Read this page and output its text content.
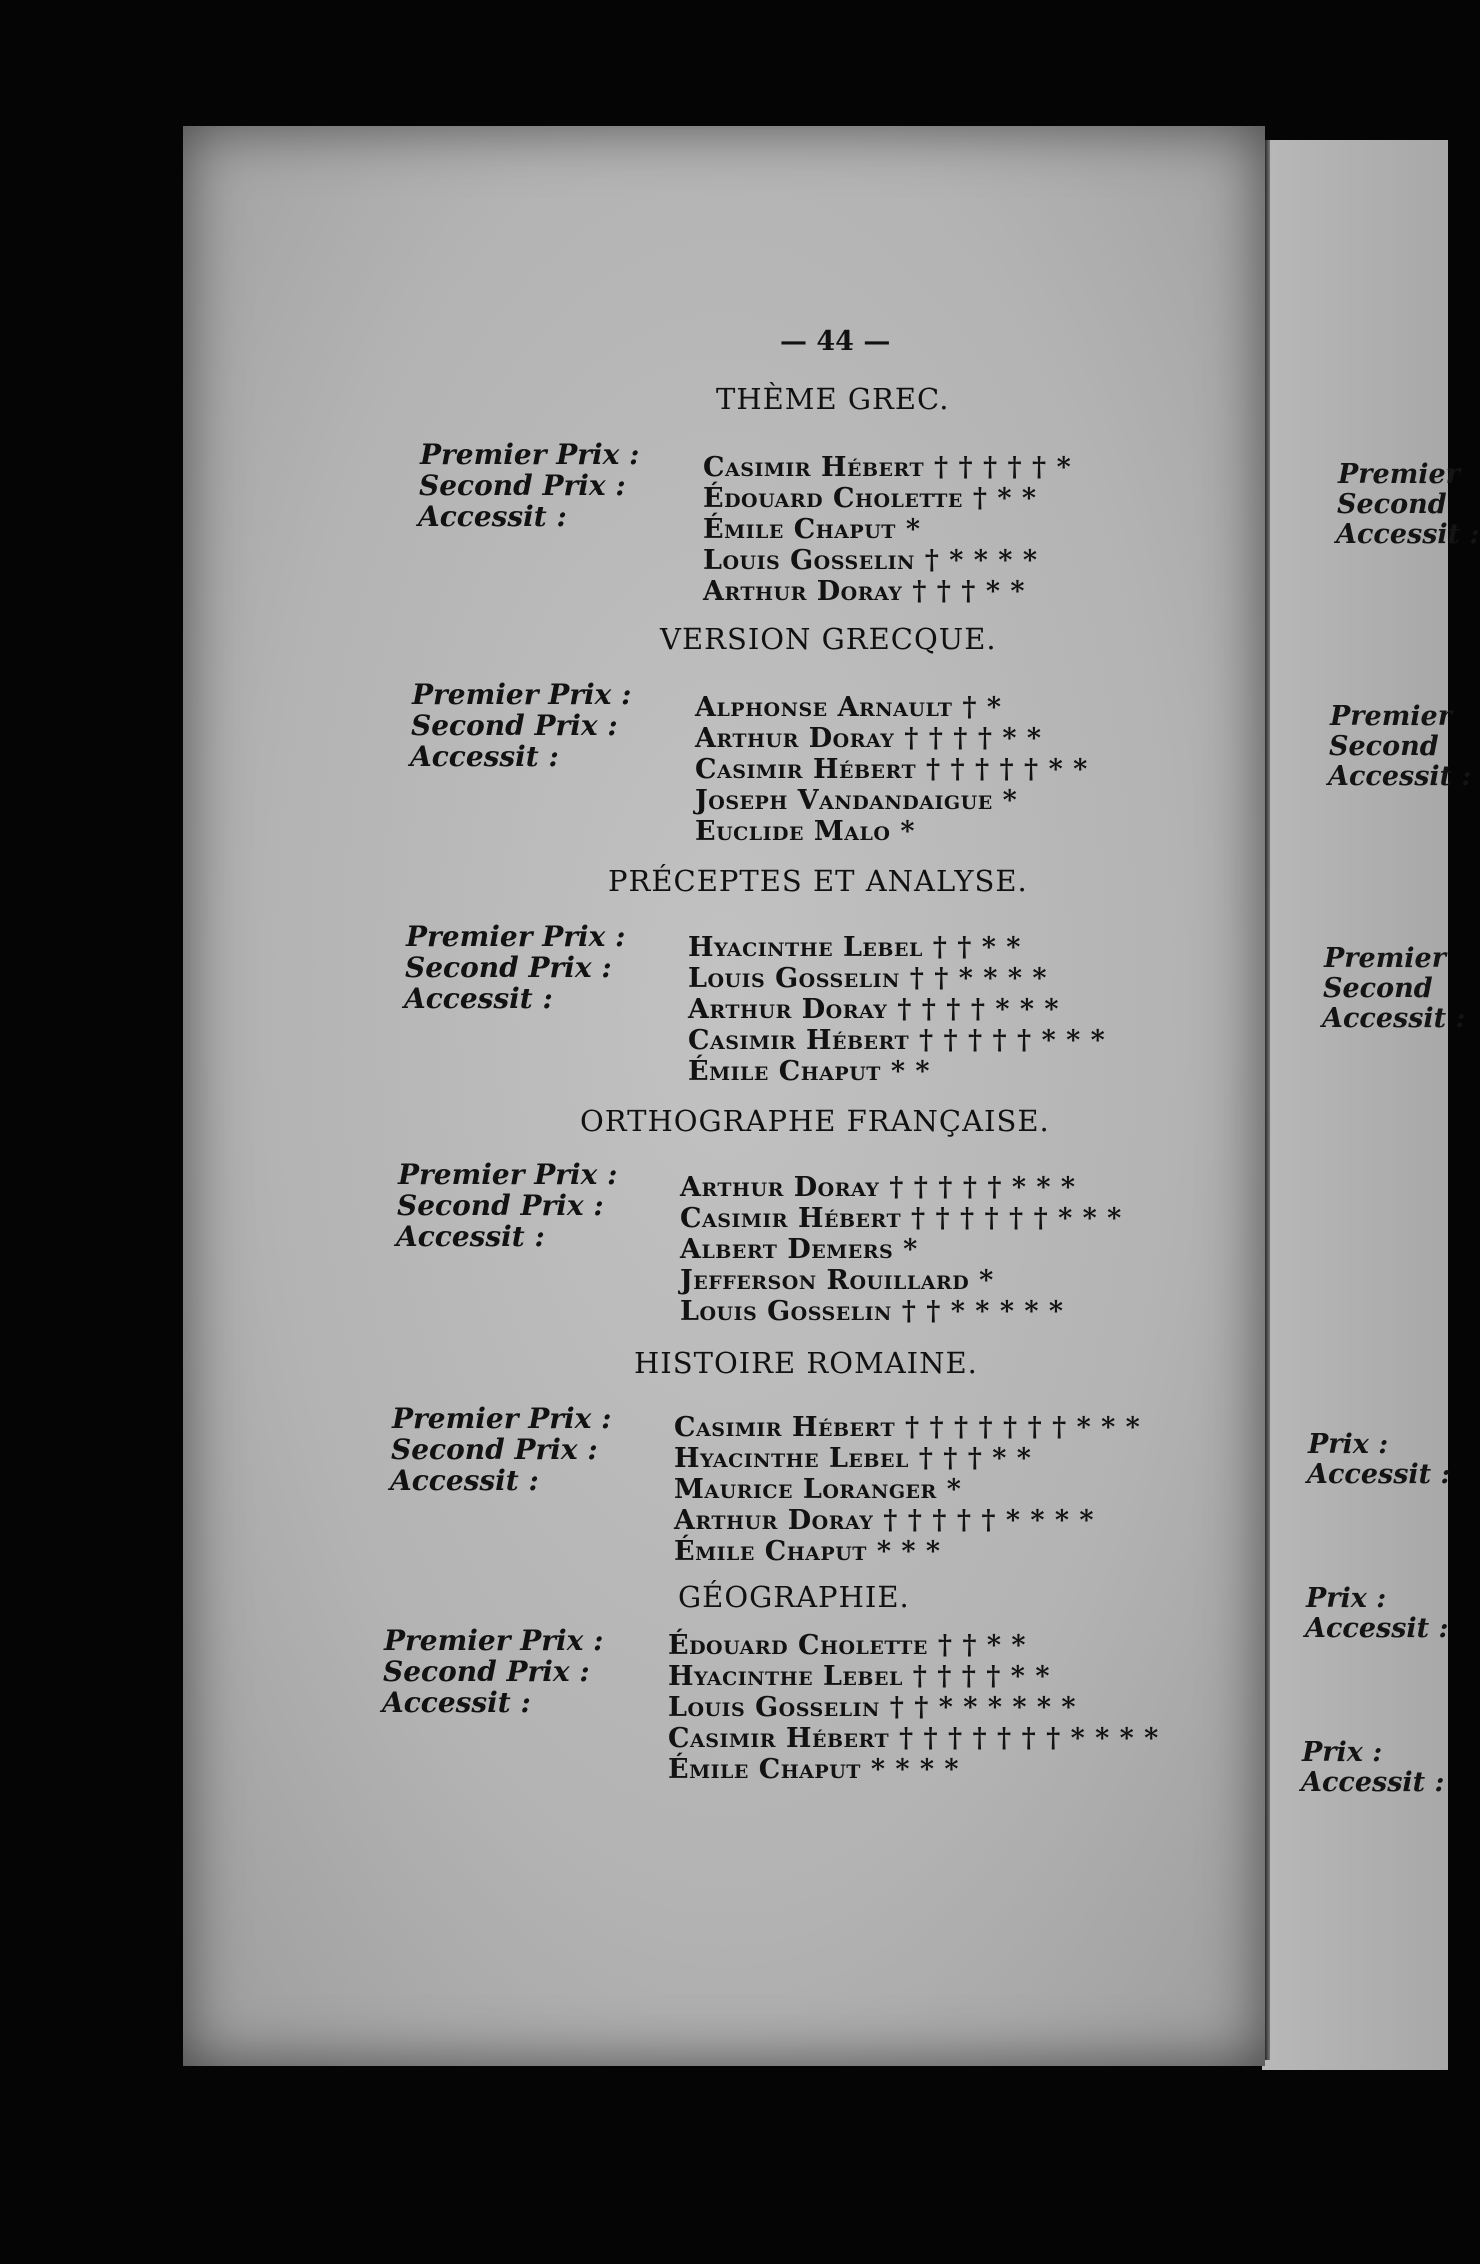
— 44 —
THÈME GREC.
Premier Prix :
Second Prix :
Accessit :
Casimir Hébert † † † † † *
Édouard Cholette † * *
Émile Chaput *
Louis Gosselin † * * * *
Arthur Doray † † † * *
VERSION GRECQUE.
Premier Prix :
Second Prix :
Accessit :
Alphonse Arnault † *
Arthur Doray † † † † * *
Casimir Hébert † † † † † * *
Joseph Vandandaigue *
Euclide Malo *
PRÉCEPTES ET ANALYSE.
Premier Prix :
Second Prix :
Accessit :
Hyacinthe Lebel † † * *
Louis Gosselin † † * * * *
Arthur Doray † † † † * * *
Casimir Hébert † † † † † * * *
Émile Chaput * *
ORTHOGRAPHE FRANÇAISE.
Premier Prix :
Second Prix :
Accessit :
Arthur Doray † † † † † * * *
Casimir Hébert † † † † † † * * *
Albert Demers *
Jefferson Rouillard *
Louis Gosselin † † * * * * *
HISTOIRE ROMAINE.
Premier Prix :
Second Prix :
Accessit :
Casimir Hébert † † † † † † † * * *
Hyacinthe Lebel † † † * *
Maurice Loranger *
Arthur Doray † † † † † * * * *
Émile Chaput * * *
GÉOGRAPHIE.
Premier Prix :
Second Prix :
Accessit :
Édouard Cholette † † * *
Hyacinthe Lebel † † † † * *
Louis Gosselin † † * * * * * *
Casimir Hébert † † † † † † † * * * *
Émile Chaput * * * *
Premier
Second
Accessit :
Premier
Second
Accessit :
Premier
Second
Accessit :
Prix :
Accessit :
Prix :
Accessit :
Prix :
Accessit :
